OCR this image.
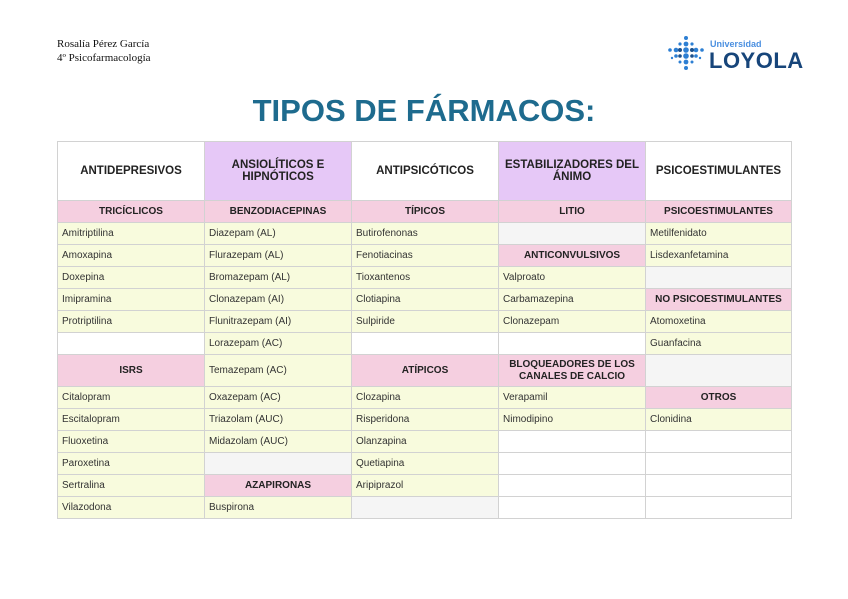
Rosalía Pérez García
4º Psicofarmacología
Universidad
LOYOLA
TIPOS DE FÁRMACOS:
ANTIDEPRESIVOS	ANSIOLÍTICOS E HIPNÓTICOS	ANTIPSICÓTICOS	ESTABILIZADORES DEL ÁNIMO	PSICOESTIMULANTES
TRICÍCLICOS	BENZODIACEPINAS	TÍPICOS	LITIO	PSICOESTIMULANTES
Amitriptilina	Diazepam (AL)	Butirofenonas		Metilfenidato
Amoxapina	Flurazepam (AL)	Fenotiacinas	ANTICONVULSIVOS	Lisdexanfetamina
Doxepina	Bromazepam (AL)	Tioxantenos	Valproato	
Imipramina	Clonazepam (AI)	Clotiapina	Carbamazepina	NO PSICOESTIMULANTES
Protriptilina	Flunitrazepam (AI)	Sulpiride	Clonazepam	Atomoxetina
	Lorazepam (AC)			Guanfacina
ISRS	Temazepam (AC)	ATÍPICOS	BLOQUEADORES DE LOS CANALES DE CALCIO	
Citalopram	Oxazepam (AC)	Clozapina	Verapamil	OTROS
Escitalopram	Triazolam (AUC)	Risperidona	Nimodipino	Clonidina
Fluoxetina	Midazolam (AUC)	Olanzapina		
Paroxetina		Quetiapina		
Sertralina	AZAPIRONAS	Aripiprazol		
Vilazodona	Buspirona			
